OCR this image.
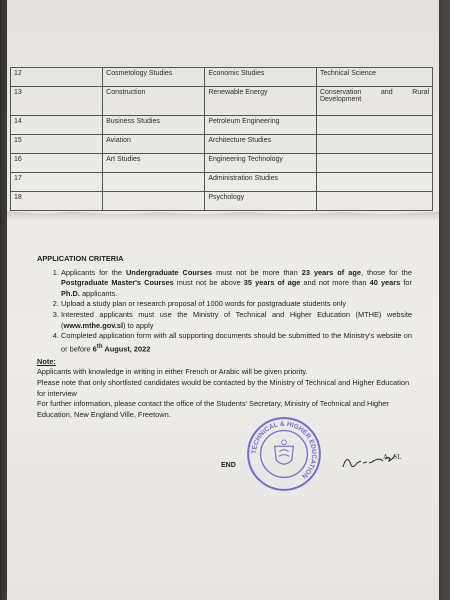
12	Cosmetology Studies	Economic Studies	Technical Science
13	Construction	Renewable Energy	Conservation and Rural Development
14	Business Studies	Petroleum Engineering	
15	Aviation	Architecture Studies	
16	Art Studies	Engineering Technology	
17		Administration Studies	
18		Psychology	
APPLICATION CRITERIA
1. Applicants for the Undergraduate Courses must not be more than 23 years of age, those for the Postgraduate Master's Courses must not be above 35 years of age and not more than 40 years for Ph.D. applicants.
2. Upload a study plan or research proposal of 1000 words for postgraduate students only
3. Interested applicants must use the Ministry of Technical and Higher Education (MTHE) website (www.mthe.gov.sl) to apply
4. Completed application form with all supporting documents should be submitted to the Ministry's website on or before 6th August, 2022
Note:
Applicants with knowledge in writing in either French or Arabic will be given priority.
Please note that only shortlisted candidates would be contacted by the Ministry of Technical and Higher Education for interview
For further information, please contact the office of the Students' Secretary, Ministry of Technical and Higher Education, New England Ville, Freetown.
END
TECHNICAL & HIGHER EDUCATION
A...SL
